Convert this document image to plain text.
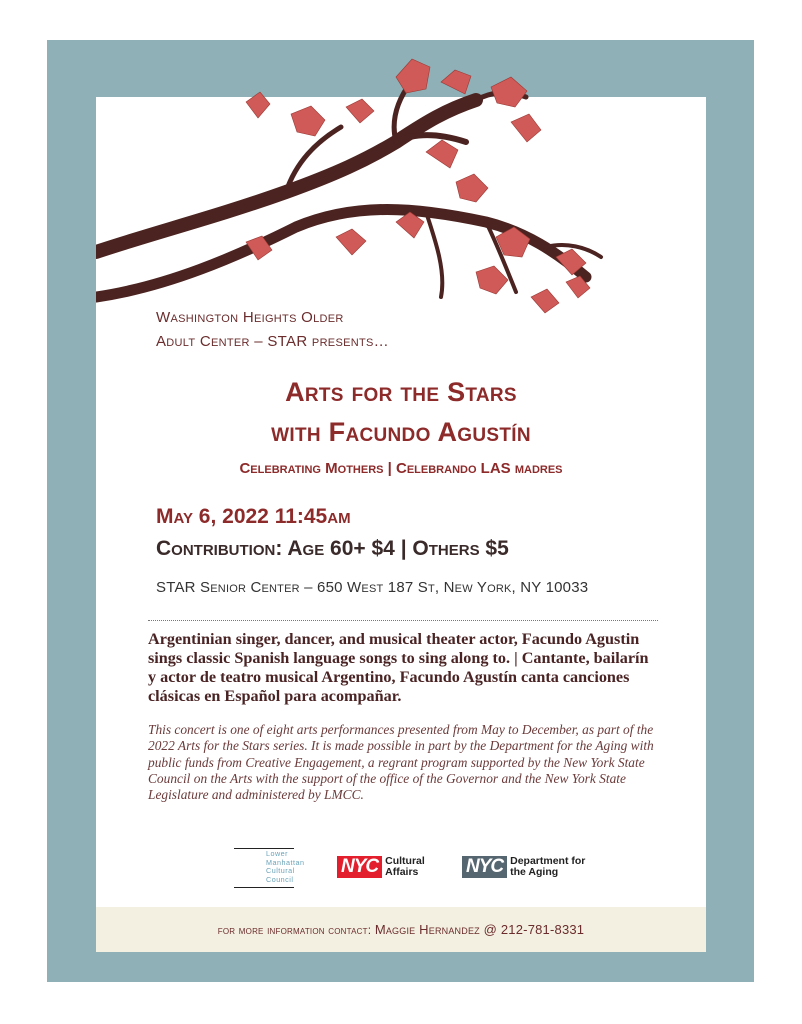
Washington Heights Older
Adult Center – STAR presents…
Arts for the Stars
with Facundo Agustín
Celebrating Mothers | Celebrando LAS madres
May 6, 2022 11:45am
Contribution: Age 60+ $4 | Others $5
STAR Senior Center – 650 West 187 St, New York, NY 10033
Argentinian singer, dancer, and musical theater actor, Facundo Agustin sings classic Spanish language songs to sing along to. | Cantante, bailarín y actor de teatro musical Argentino, Facundo Agustín canta canciones clásicas en Español para acompañar.
This concert is one of eight arts performances presented from May to December, as part of the 2022 Arts for the Stars series. It is made possible in part by the Department for the Aging with public funds from Creative Engagement, a regrant program supported by the New York State Council on the Arts with the support of the office of the Governor and the New York State Legislature and administered by LMCC.
Lower
Manhattan
Cultural
Council
NYC Cultural
Affairs	NYC Department for
the Aging
for more information contact:
Maggie Hernandez @ 212-781-8331
